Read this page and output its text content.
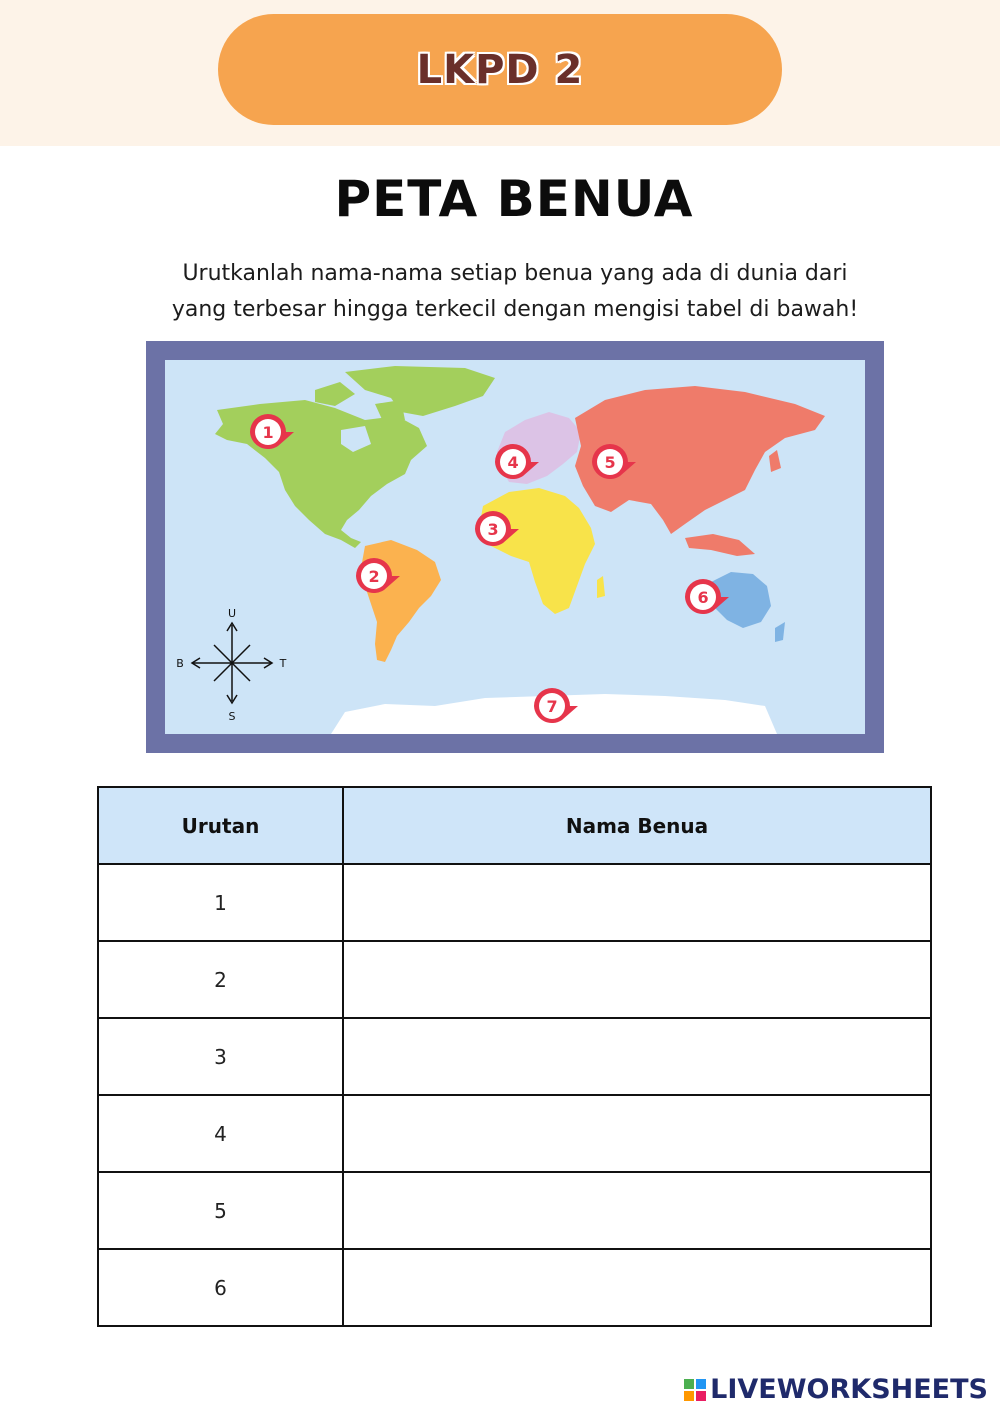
LKPD 2
PETA BENUA
Urutkanlah nama-nama setiap benua yang ada di dunia dari
yang terbesar hingga terkecil dengan mengisi tabel di bawah!
1
2
3
4	5
6
7
U
S
B	T
Urutan	Nama Benua
1	
2	
3	
4	
5	
6	
LIVEWORKSHEETS
